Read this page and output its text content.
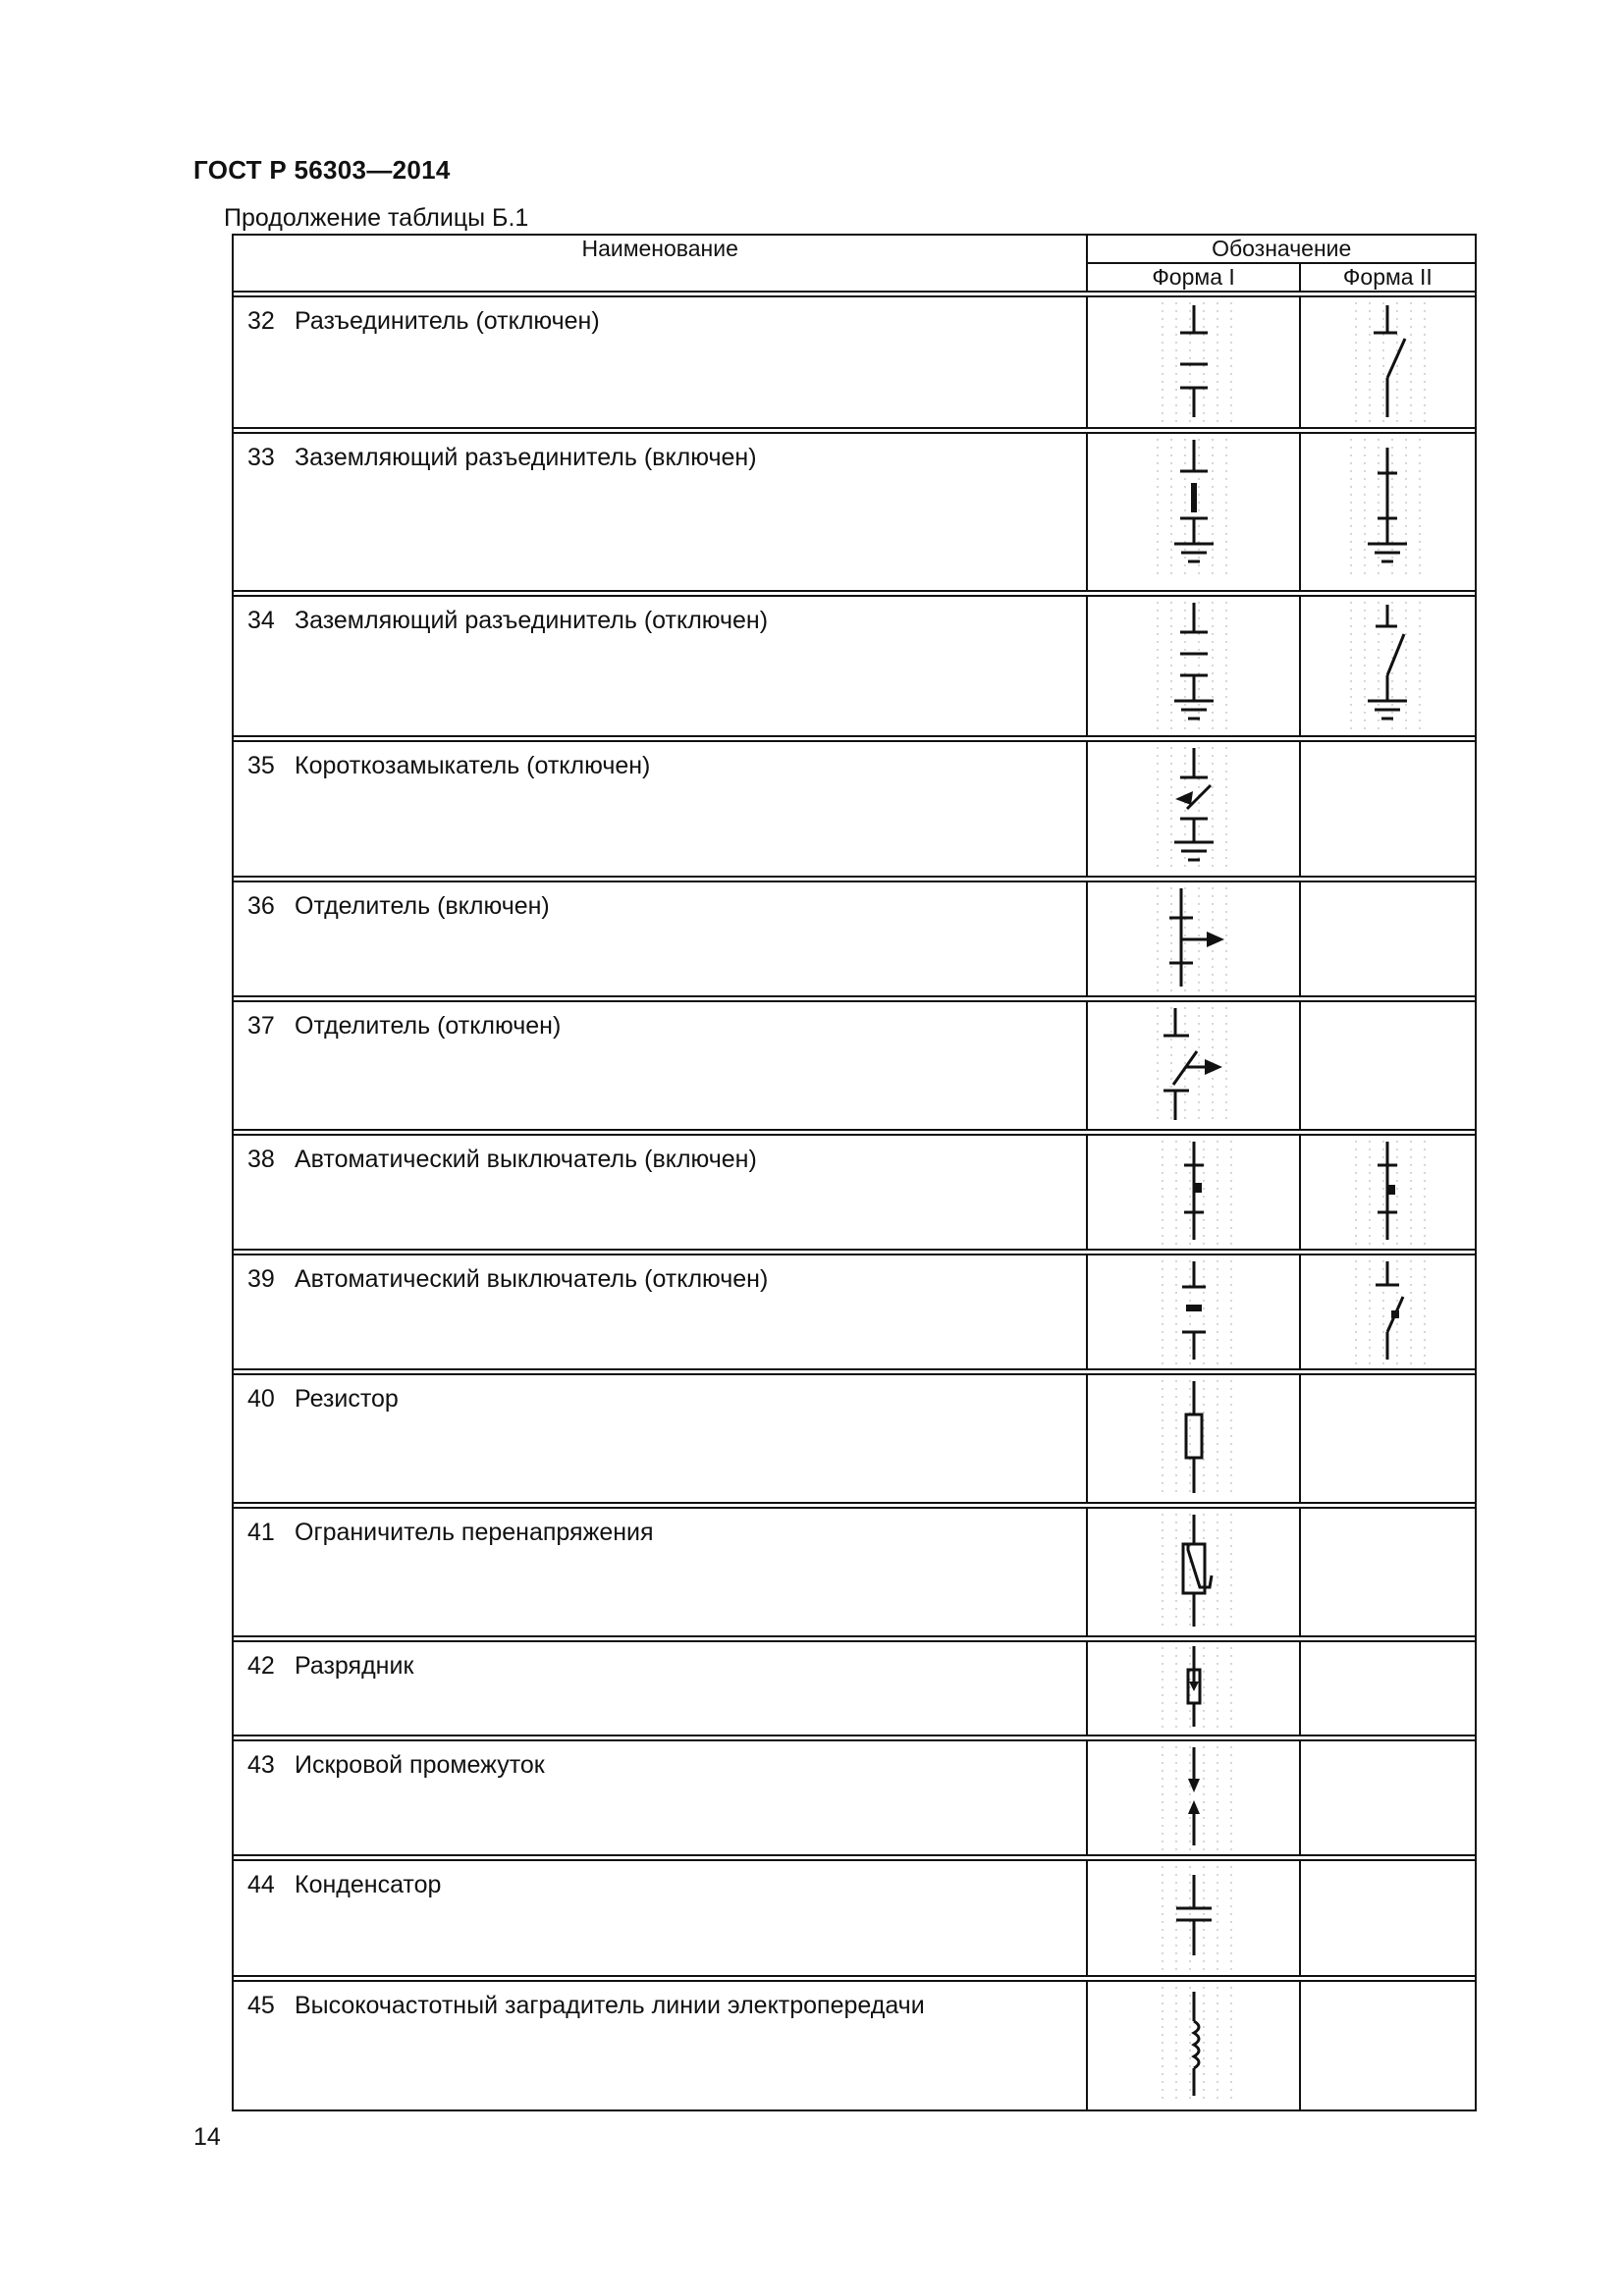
ГОСТ Р 56303—2014
Продолжение таблицы Б.1
Наименование	Обозначение	
	Форма I	Форма II

32 Разъединитель (отключен)	

33 Заземляющий разъединитель (включен)	

34 Заземляющий разъединитель (отключен)	

35 Короткозамыкатель (отключен)	

36 Отделитель (включен)	

37 Отделитель (отключен)	

38 Автоматический выключатель (включен)	

39 Автоматический выключатель (отключен)	

40 Резистор	

41 Ограничитель перенапряжения	

42 Разрядник	

43 Искровой промежуток	

44 Конденсатор	

45 Высокочастотный заградитель линии электропередачи	

14
